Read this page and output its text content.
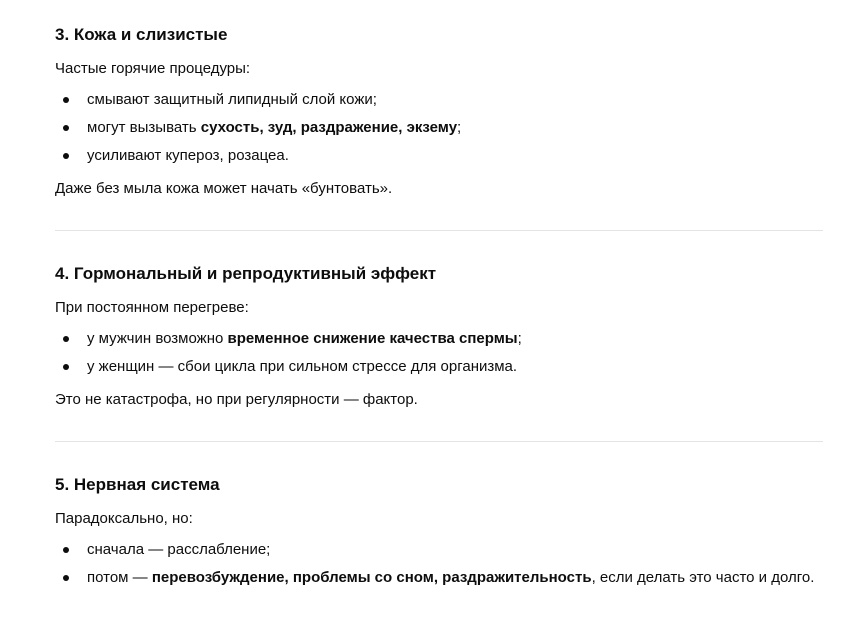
3. Кожа и слизистые

Частые горячие процедуры:

смывают защитный липидный слой кожи;
могут вызывать сухость, зуд, раздражение, экзему;
усиливают купероз, розацеа.

Даже без мыла кожа может начать «бунтовать».

4. Гормональный и репродуктивный эффект

При постоянном перегреве:

у мужчин возможно временное снижение качества спермы;
у женщин — сбои цикла при сильном стрессе для организма.

Это не катастрофа, но при регулярности — фактор.

5. Нервная система

Парадоксально, но:

сначала — расслабление;
потом — перевозбуждение, проблемы со сном, раздражительность, если делать это часто и долго.
